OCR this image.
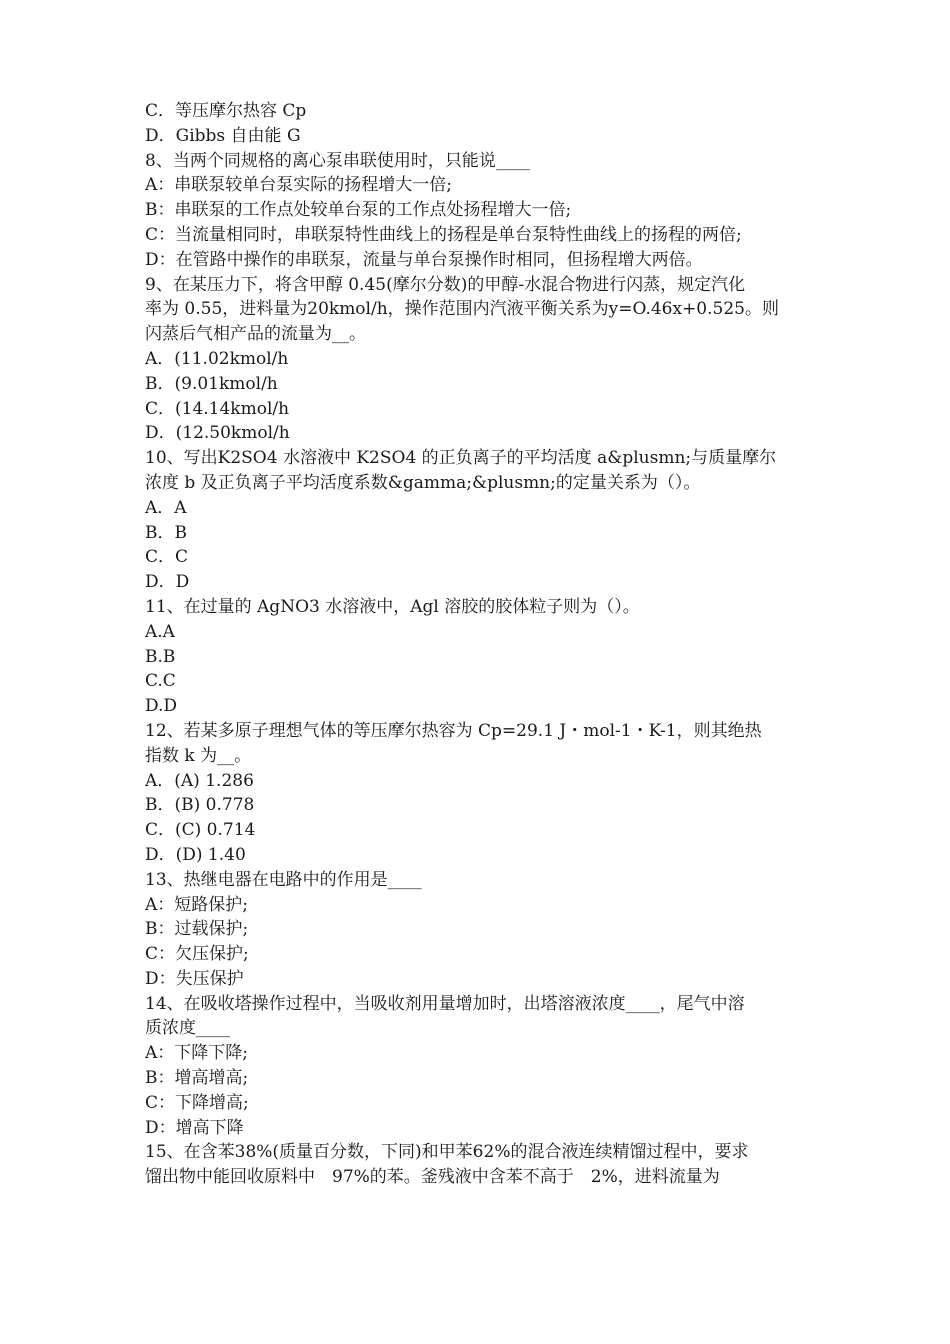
C．等压摩尔热容 Cp
D．Gibbs 自由能 G
8、当两个同规格的离心泵串联使用时，只能说____
A：串联泵较单台泵实际的扬程增大一倍;
B：串联泵的工作点处较单台泵的工作点处扬程增大一倍;
C：当流量相同时，串联泵特性曲线上的扬程是单台泵特性曲线上的扬程的两倍;
D：在管路中操作的串联泵，流量与单台泵操作时相同，但扬程增大两倍。
9、在某压力下，将含甲醇 0.45(摩尔分数)的甲醇-水混合物进行闪蒸，规定汽化
率为 0.55，进料量为20kmol/h，操作范围内汽液平衡关系为y=O.46x+0.525。则
闪蒸后气相产品的流量为__。
A．(11.02kmol/h
B．(9.01kmol/h
C．(14.14kmol/h
D．(12.50kmol/h
10、写出K2SO4 水溶液中 K2SO4 的正负离子的平均活度 a&plusmn;与质量摩尔
浓度 b 及正负离子平均活度系数&gamma;&plusmn;的定量关系为（）。
A．A
B．B
C．C
D．D
11、在过量的 AgNO3 水溶液中，Agl 溶胶的胶体粒子则为（）。
A.A
B.B
C.C
D.D
12、若某多原子理想气体的等压摩尔热容为 Cp=29.1 J・mol-1・K-1，则其绝热
指数 k 为__。
A．(A) 1.286
B．(B) 0.778
C．(C) 0.714
D．(D) 1.40
13、热继电器在电路中的作用是____
A：短路保护;
B：过载保护;
C：欠压保护;
D：失压保护
14、在吸收塔操作过程中，当吸收剂用量增加时，出塔溶液浓度____，尾气中溶
质浓度____
A：下降下降;
B：增高增高;
C：下降增高;
D：增高下降
15、在含苯38%(质量百分数，下同)和甲苯62%的混合液连续精馏过程中，要求
馏出物中能回收原料中　97%的苯。釜残液中含苯不高于　2%，进料流量为
